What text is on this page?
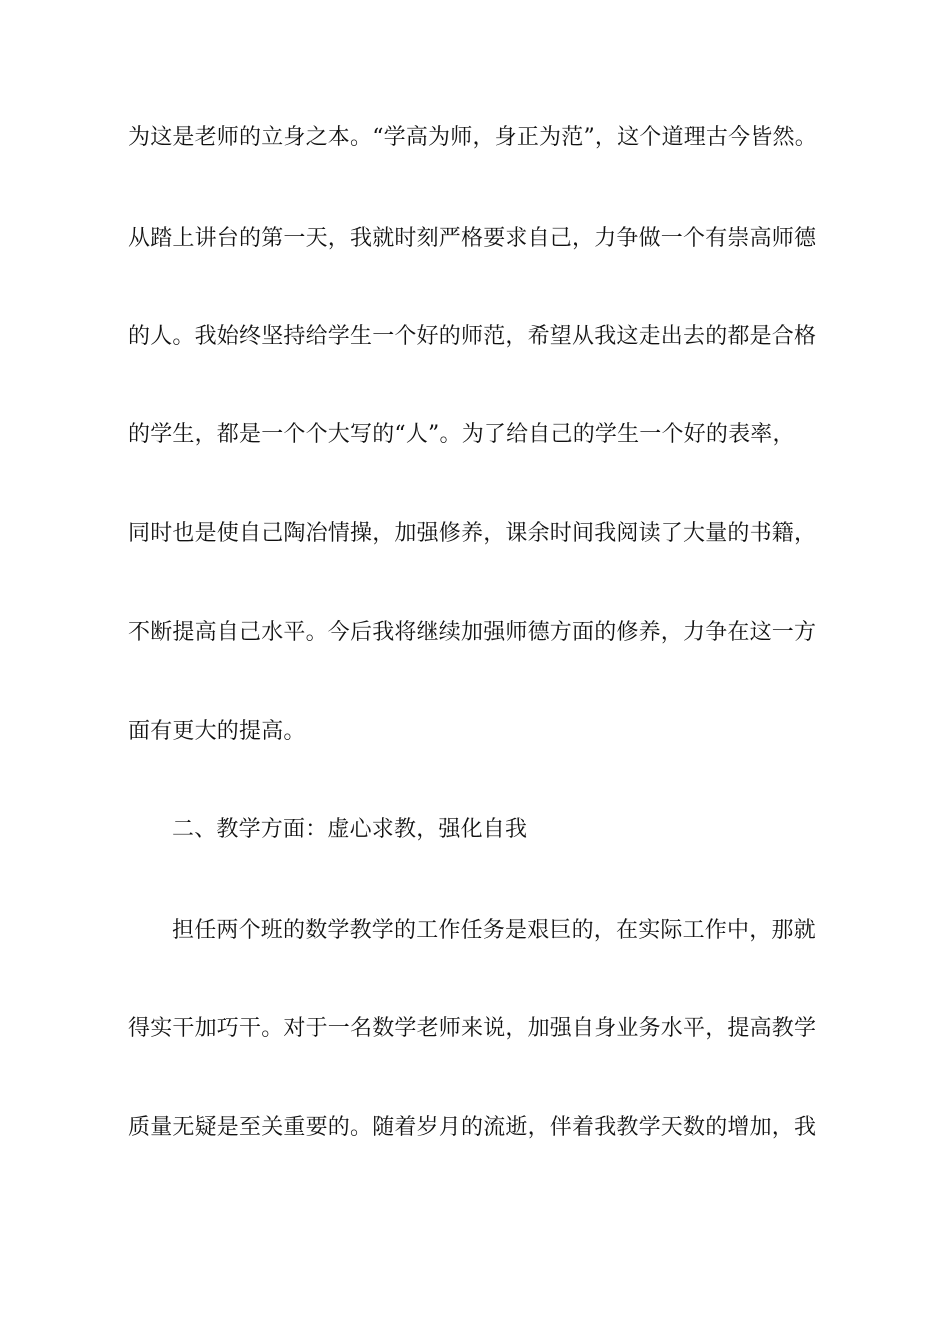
为这是老师的立身之本。“学高为师，身正为范”，这个道理古今皆然。
从踏上讲台的第一天，我就时刻严格要求自己，力争做一个有崇高师德
的人。我始终坚持给学生一个好的师范，希望从我这走出去的都是合格
的学生，都是一个个大写的“人”。为了给自己的学生一个好的表率，
同时也是使自己陶冶情操，加强修养，课余时间我阅读了大量的书籍，
不断提高自己水平。今后我将继续加强师德方面的修养，力争在这一方
面有更大的提高。
二、教学方面：虚心求教，强化自我
担任两个班的数学教学的工作任务是艰巨的，在实际工作中，那就
得实干加巧干。对于一名数学老师来说，加强自身业务水平，提高教学
质量无疑是至关重要的。随着岁月的流逝，伴着我教学天数的增加，我
